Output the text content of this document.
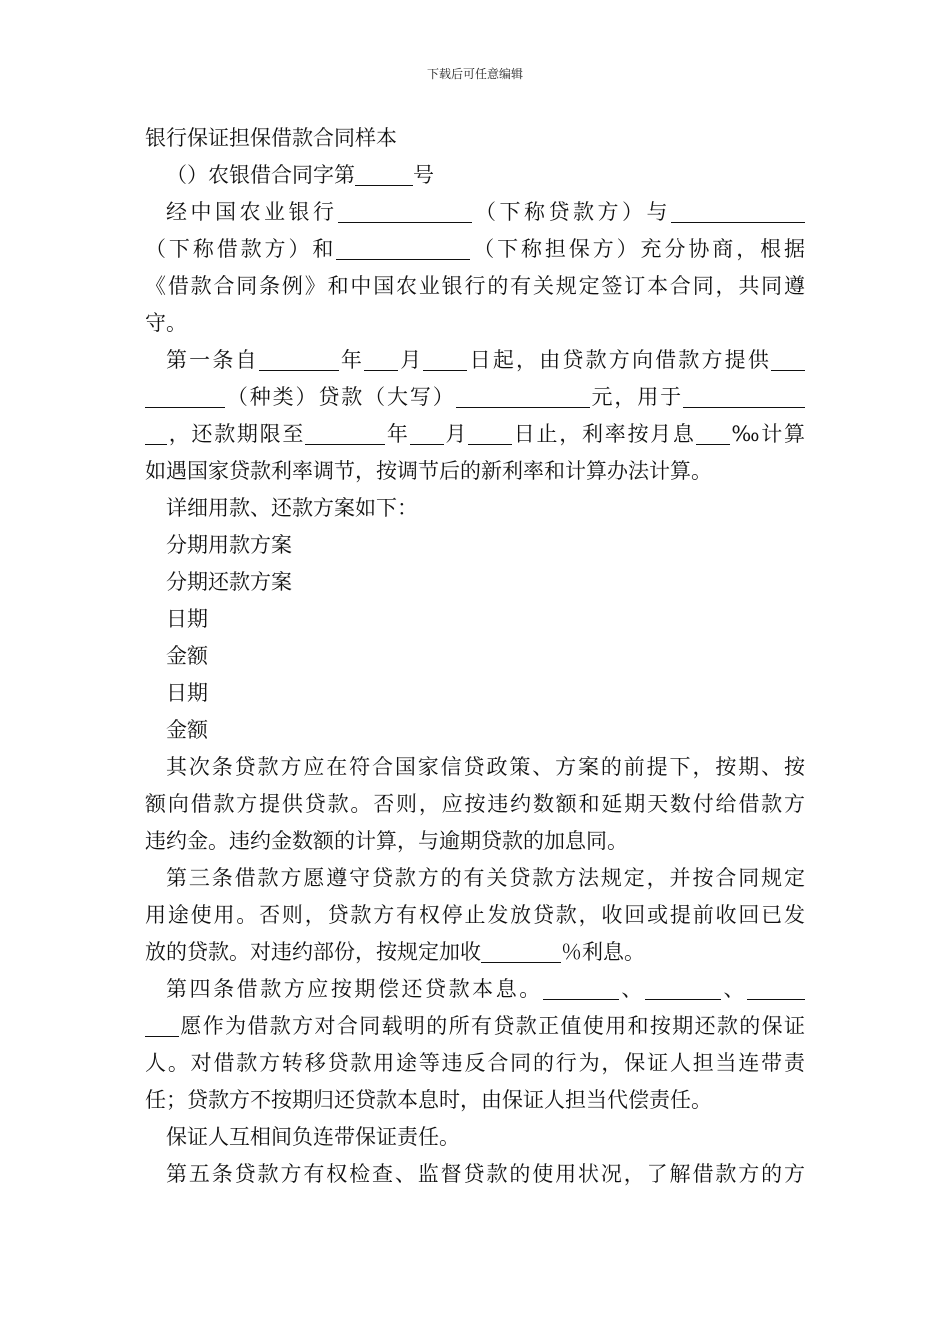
下载后可任意编辑
银行保证担保借款合同样本
（）农银借合同字第	号
经中国农业银行	（下称贷款方）与
（下称借款方）和	（下称担保方）充分协商，根据
《借款合同条例》和中国农业银行的有关规定签订本合同，共同遵
守。
第一条自	年 月 日起，由贷款方向借款方提供
（种类）贷款（大写）	元，用于
，还款期限至	年 月 日止，利率按月息 ‰计算
如遇国家贷款利率调节，按调节后的新利率和计算办法计算。
详细用款、还款方案如下：
分期用款方案
分期还款方案
日期
金额
日期
金额
其次条贷款方应在符合国家信贷政策、方案的前提下，按期、按
额向借款方提供贷款。否则，应按违约数额和延期天数付给借款方
违约金。违约金数额的计算，与逾期贷款的加息同。
第三条借款方愿遵守贷款方的有关贷款方法规定，并按合同规定
用途使用。否则，贷款方有权停止发放贷款，收回或提前收回已发
放的贷款。对违约部份，按规定加收	％利息。
第四条借款方应按期偿还贷款本息。	、	、
愿作为借款方对合同载明的所有贷款正值使用和按期还款的保证
人。对借款方转移贷款用途等违反合同的行为，保证人担当连带责
任；贷款方不按期归还贷款本息时，由保证人担当代偿责任。
保证人互相间负连带保证责任。
第五条贷款方有权检查、监督贷款的使用状况，了解借款方的方
